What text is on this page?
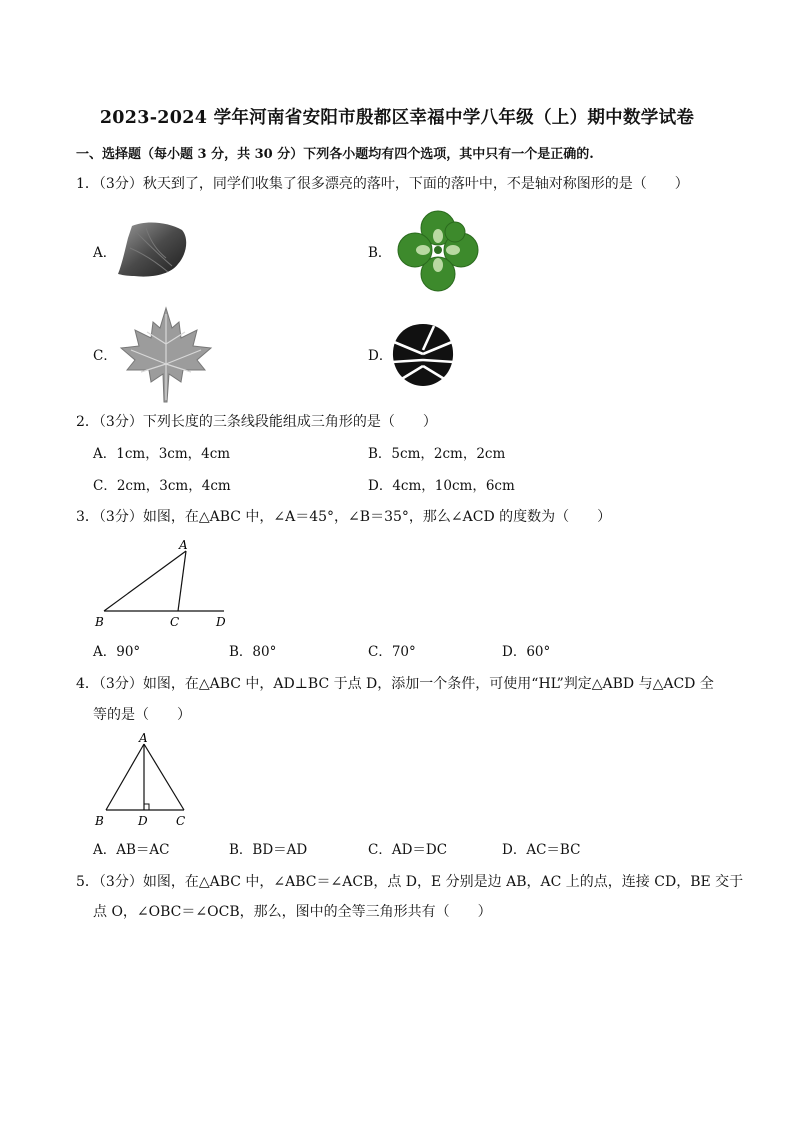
2023-2024 学年河南省安阳市殷都区幸福中学八年级（上）期中数学试卷
一、选择题（每小题 3 分，共 30 分）下列各小题均有四个选项，其中只有一个是正确的.
1．（3分）秋天到了，同学们收集了很多漂亮的落叶，下面的落叶中，不是轴对称图形的是（　　）
A．	B．
C．	D．
2．（3分）下列长度的三条线段能组成三角形的是（　　）
A．1cm，3cm，4cm	B．5cm，2cm，2cm
C．2cm，3cm，4cm	D．4cm，10cm，6cm
3．（3分）如图，在△ABC 中，∠A＝45°，∠B＝35°，那么∠ACD 的度数为（　　）
A
B	C	D
A．90°	B．80°	C．70°	D．60°
4．（3分）如图，在△ABC 中，AD⊥BC 于点 D，添加一个条件，可使用“HL”判定△ABD 与△ACD 全
等的是（　　）
A
B	D C
A．AB＝AC	B．BD＝AD	C．AD＝DC	D．AC＝BC
5．（3分）如图，在△ABC 中，∠ABC＝∠ACB，点 D，E 分别是边 AB，AC 上的点，连接 CD，BE 交于
点 O，∠OBC＝∠OCB，那么，图中的全等三角形共有（　　）
